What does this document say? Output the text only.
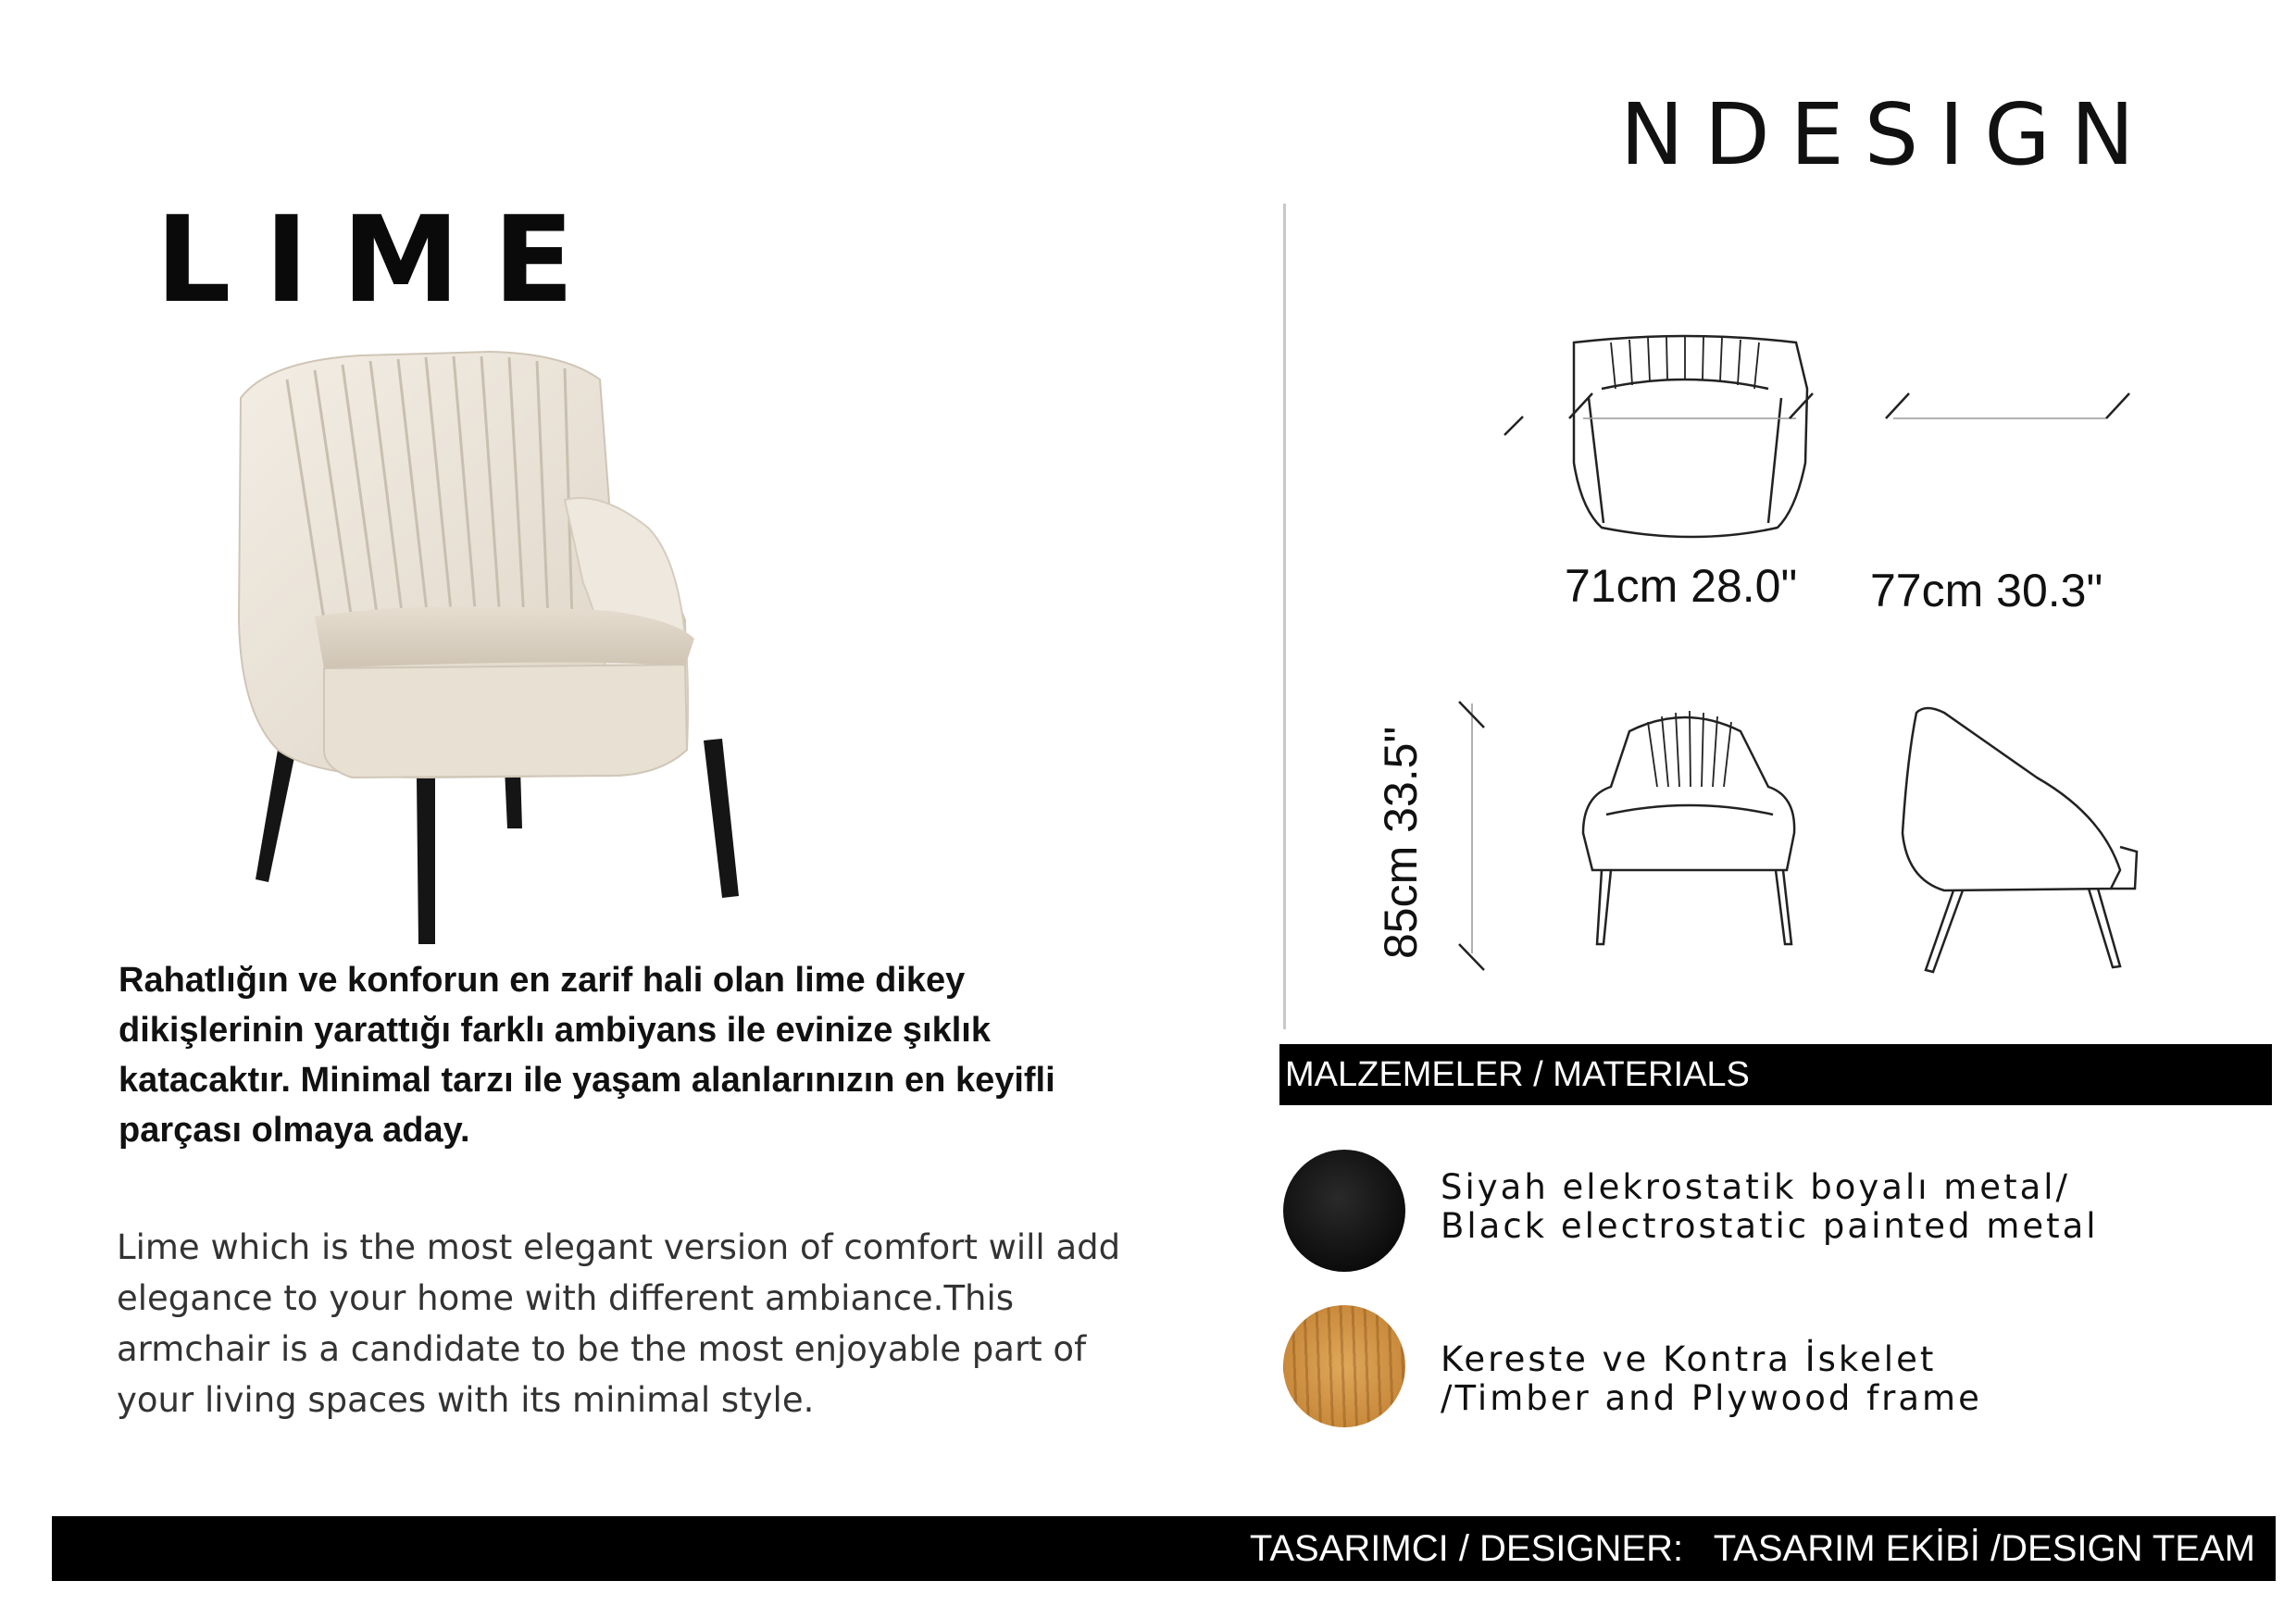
NDESIGN
LIME
Rahatlığın ve konforun en zarif hali olan lime dikey dikişlerinin yarattığı farklı ambiyans ile evinize şıklık katacaktır. Minimal tarzı ile yaşam alanlarınızın en keyifli parçası olmaya aday.
Lime which is the most elegant version of comfort will add elegance to your home with different ambiance.This armchair is a candidate to be the most enjoyable part of your living spaces with its minimal style.
71cm 28.0" 77cm 30.3"
85cm 33.5"
MALZEMELER / MATERIALS
Siyah elekrostatik boyalı metal/
Black electrostatic painted metal
Kereste ve Kontra İskelet
/Timber and Plywood frame
TASARIMCI / DESIGNER:   TASARIM EKİBİ /DESIGN TEAM
